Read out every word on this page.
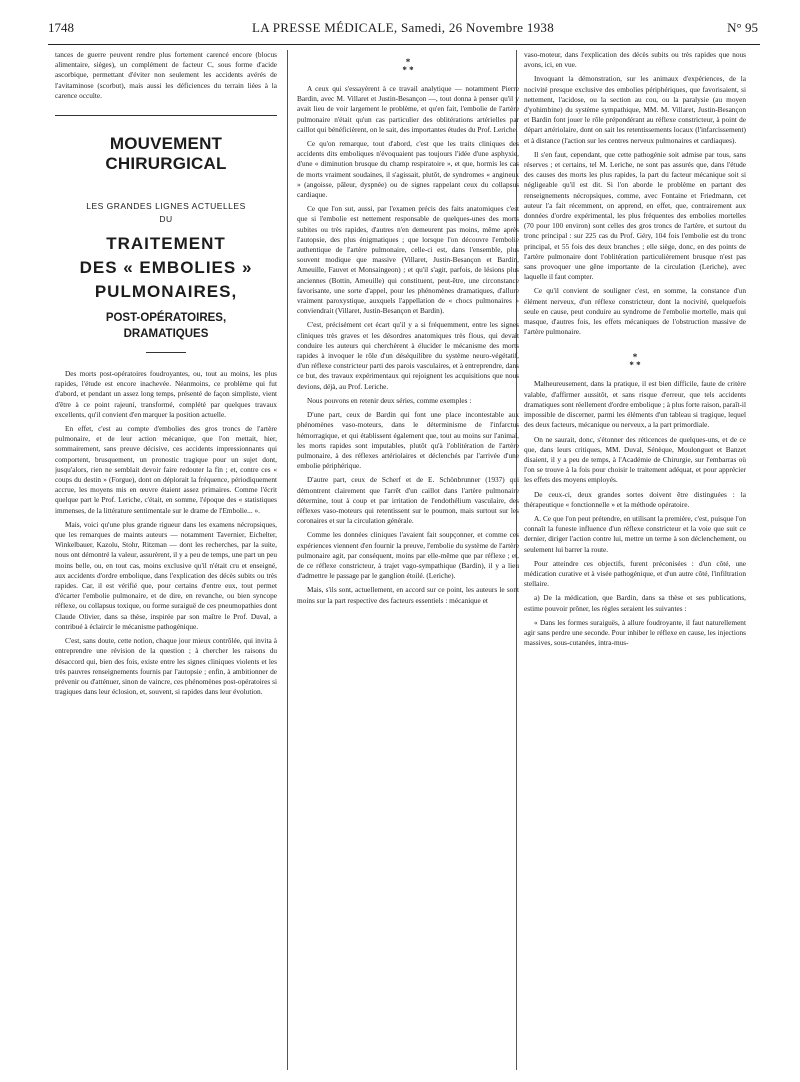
1748	LA PRESSE MÉDICALE, Samedi, 26 Novembre 1938	N° 95

tances de guerre peuvent rendre plus fortement carencé encore (blocus alimentaire, sièges), un complément de facteur C, sous forme d'acide ascorbique, permettant d'éviter non seulement les accidents avérés de l'avitaminose (scorbut), mais aussi les déficiences du terrain liées à la carence occulte.

MOUVEMENT CHIRURGICAL
LES GRANDES LIGNES ACTUELLES
DU
TRAITEMENT
DES « EMBOLIES »
PULMONAIRES,
POST-OPÉRATOIRES,
DRAMATIQUES

Des morts post-opératoires foudroyantes, ou, tout au moins, les plus rapides, l'étude est encore inachevée. Néanmoins, ce problème qui fut d'abord, et pendant un assez long temps, présenté de façon simpliste, vient d'être à ce point rajeuni, transformé, complété par quelques travaux excellents, qu'il convient d'en marquer la position actuelle.

En effet, c'est au compte d'embolies des gros troncs de l'artère pulmonaire, et de leur action mécanique, que l'on mettait, hier, sommairement, sans preuve décisive, ces accidents impressionnants qui comportent, brusquement, un pronostic tragique pour un sujet dont, jusqu'alors, rien ne semblait devoir faire redouter la fin ; et, contre ces « coups du destin » (Forgue), dont on déplorait la fréquence, périodiquement accrue, les moyens mis en œuvre étaient assez primaires. Comme l'écrit quelque part le Prof. Leriche, c'était, en somme, l'époque des « statistiques immenses, de la littérature sentimentale sur le drame de l'Embolie... ».

Mais, voici qu'une plus grande rigueur dans les examens nécropsiques, que les remarques de maints auteurs — notamment Tavernier, Eichelter, Winkelbauer, Kazolu, Stohr, Ritzman — dont les recherches, par la suite, nous ont démontré la valeur, assurèrent, il y a peu de temps, une part un peu moins belle, ou, en tout cas, moins exclusive qu'il n'était cru et enseigné, aux accidents d'ordre embolique, dans l'explication des décès subits ou très rapides. Car, il est vérifié que, pour certains d'entre eux, tout permet d'écarter l'embolie pulmonaire, et de dire, en revanche, ou bien syncope réflexe, ou collapsus toxique, ou forme suraiguë de ces pneumopathies dont Claude Olivier, dans sa thèse, inspirée par son maître le Prof. Duval, a contribué à éclaircir le mécanisme pathogénique.

C'est, sans doute, cette notion, chaque jour mieux contrôlée, qui invita à entreprendre une révision de la question ; à chercher les raisons du désaccord qui, bien des fois, existe entre les signes cliniques violents et les très pauvres renseignements fournis par l'autopsie ; enfin, à ambitionner de prévenir ou d'atténuer, sinon de vaincre, ces phénomènes post-opératoires si tragiques dans leur éclosion, et, souvent, si rapides dans leur évolution.

*
* *

A ceux qui s'essayèrent à ce travail analytique — notamment Pierre Bardin, avec M. Villaret et Justin-Besançon —, tout donna à penser qu'il y avait lieu de voir largement le problème, et qu'en fait, l'embolie de l'artère pulmonaire n'était qu'un cas particulier des oblitérations artérielles par caillot qui bénéficièrent, on le sait, des importantes études du Prof. Leriche.

Ce qu'on remarque, tout d'abord, c'est que les traits cliniques des accidents dits emboliques n'évoquaient pas toujours l'idée d'une asphyxie, d'une « diminution brusque du champ respiratoire », et que, hormis les cas de morts vraiment soudaines, il s'agissait, plutôt, de syndromes « angineux » (angoisse, pâleur, dyspnée) ou de signes rappelant ceux du collapsus cardiaque.

Ce que l'on sut, aussi, par l'examen précis des faits anatomiques c'est que si l'embolie est nettement responsable de quelques-unes des morts subites ou très rapides, d'autres n'en demeurent pas moins, même après l'autopsie, des plus énigmatiques ; que lorsque l'on découvre l'embolie authentique de l'artère pulmonaire, celle-ci est, dans l'ensemble, plus souvent modique que massive (Villaret, Justin-Besançon et Bardin, Ameuille, Fauvet et Monsaingeon) ; et qu'il s'agit, parfois, de lésions plus anciennes (Bottin, Ameuille) qui constituent, peut-être, une circonstance favorisante, une sorte d'appel, pour les phénomènes dramatiques, d'allure vraiment paroxystique, auxquels l'appellation de « chocs pulmonaires » conviendrait (Villaret, Justin-Besançon et Bardin).

C'est, précisément cet écart qu'il y a si fréquemment, entre les signes cliniques très graves et les désordres anatomiques très flous, qui devait conduire les auteurs qui cherchèrent à élucider le mécanisme des morts rapides à invoquer le rôle d'un déséquilibre du système neuro-végétatif, d'un réflexe constricteur parti des parois vasculaires, et à entreprendre, dans ce but, des travaux expérimentaux qui rejoignent les acquisitions que nous devions, déjà, au Prof. Leriche.

Nous pouvons en retenir deux séries, comme exemples :

D'une part, ceux de Bardin qui font une place incontestable aux phénomènes vaso-moteurs, dans le déterminisme de l'infarctus hémorragique, et qui établissent également que, tout au moins sur l'animal, les morts rapides sont imputables, plutôt qu'à l'oblitération de l'artère pulmonaire, à des réflexes artériolaires et déclenchés par l'arrivée d'une embolie périphérique.

D'autre part, ceux de Scherf et de E. Schönbrunner (1937) qui démontrent clairement que l'arrêt d'un caillot dans l'artère pulmonaire détermine, tout à coup et par irritation de l'endothélium vasculaire, des réflexes vaso-moteurs qui retentissent sur le poumon, mais surtout sur les coronaires et sur la circulation générale.

Comme les données cliniques l'avaient fait soupçonner, et comme ces expériences viennent d'en fournir la preuve, l'embolie du système de l'artère pulmonaire agit, par conséquent, moins par elle-même que par réflexe ; et, de ce réflexe constricteur, à trajet vago-sympathique (Bardin), il y a lieu d'admettre le passage par le ganglion étoilé. (Leriche).

Mais, s'ils sont, actuellement, en accord sur ce point, les auteurs le sont moins sur la part respective des facteurs essentiels : mécanique et

vaso-moteur, dans l'explication des décès subits ou très rapides que nous avons, ici, en vue.

Invoquant la démonstration, sur les animaux d'expériences, de la nocivité presque exclusive des embolies périphériques, que favorisaient, si nettement, l'acidose, ou la section au cou, ou la paralysie (au moyen d'yohimbine) du système sympathique, MM. M. Villaret, Justin-Besançon et Bardin font jouer le rôle prépondérant au réflexe constricteur, à point de départ artériolaire, dont on sait les retentissements locaux (l'infarcissement) et à distance (l'action sur les centres nerveux pulmonaires et cardiaques).

Il s'en faut, cependant, que cette pathogénie soit admise par tous, sans réserves ; et certains, tel M. Leriche, ne sont pas assurés que, dans l'étude des causes des morts les plus rapides, la part du facteur mécanique soit si négligeable qu'il est dit. Si l'on aborde le problème en partant des renseignements nécropsiques, comme, avec Fontaine et Friedmann, cet auteur l'a fait récemment, on apprend, en effet, que, contrairement aux données d'ordre expérimental, les plus fréquentes des embolies mortelles (70 pour 100 environ) sont celles des gros troncs de l'artère, et surtout du tronc principal : sur 225 cas du Prof. Géry, 104 fois l'embolie est du tronc principal, et 55 fois des deux branches ; elle siège, donc, en des points de l'artère pulmonaire dont l'oblitération particulièrement brusque n'est pas sans provoquer une gêne importante de la circulation (Leriche), avec laquelle il faut compter.

Ce qu'il convient de souligner c'est, en somme, la constance d'un élément nerveux, d'un réflexe constricteur, dont la nocivité, quelquefois seule en cause, peut conduire au syndrome de l'embolie mortelle, mais qui masque, d'autres fois, les effets mécaniques de l'obstruction massive de l'artère pulmonaire.

*
* *

Malheureusement, dans la pratique, il est bien difficile, faute de critère valable, d'affirmer aussitôt, et sans risque d'erreur, que tels accidents dramatiques sont réellement d'ordre embolique ; à plus forte raison, paraît-il impossible de discerner, parmi les éléments d'un tableau si tragique, lequel des deux facteurs, mécanique ou nerveux, a la part primordiale.

On ne saurait, donc, s'étonner des réticences de quelques-uns, et de ce que, dans leurs critiques, MM. Duval, Sénèque, Moulonguet et Banzet disaient, il y a peu de temps, à l'Académie de Chirurgie, sur l'embarras où l'on se trouve à la fois pour choisir le traitement adéquat, et pour apprécier les effets des moyens employés.

De ceux-ci, deux grandes sortes doivent être distinguées : la thérapeutique « fonctionnelle » et la méthode opératoire.

A. Ce que l'on peut prétendre, en utilisant la première, c'est, puisque l'on connaît la funeste influence d'un réflexe constricteur et la voie que suit ce dernier, diriger l'action contre lui, mettre un terme à son déclenchement, ou seulement lui barrer la route.

Pour atteindre ces objectifs, furent préconisées : d'un côté, une médication curative et à visée pathogénique, et d'un autre côté, l'infiltration stellaire.

a) De la médication, que Bardin, dans sa thèse et ses publications, estime pouvoir prôner, les règles seraient les suivantes :

« Dans les formes suraiguës, à allure foudroyante, il faut naturellement agir sans perdre une seconde. Pour inhiber le réflexe en cause, les injections massives, sous-cutanées, intra-mus-
